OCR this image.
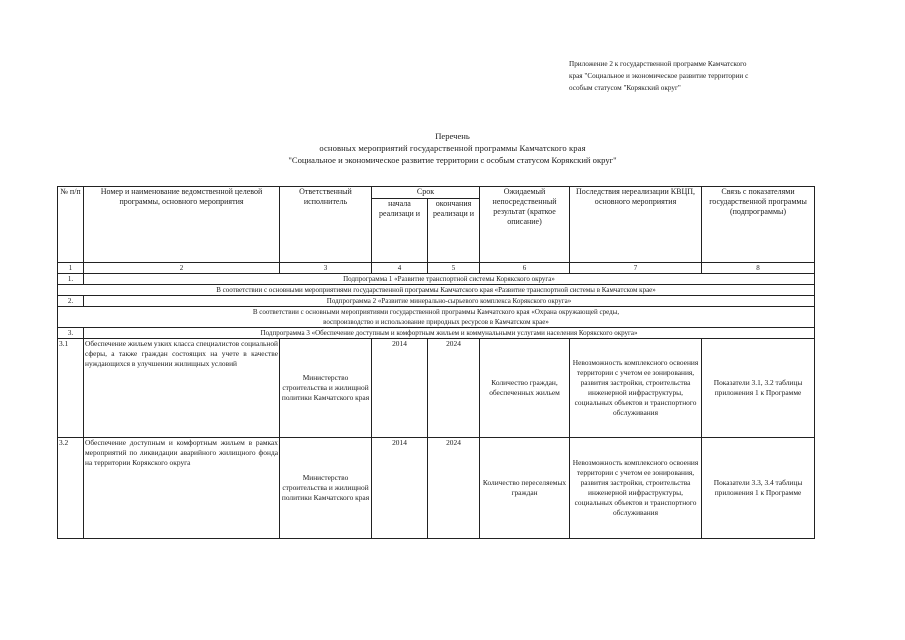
Приложение 2 к государственной программе Камчатского
края "Социальное и экономическое развитие территории с
особым статусом "Корякский округ"
Перечень
основных мероприятий государственной программы Камчатского края
"Социальное и экономическое развитие территории с особым статусом Корякский округ"
№ п/п	Номер и наименование ведомственной целевой программы, основного мероприятия	Ответственный исполнитель	Срок		Ожидаемый непосредственный результат (краткое описание)	Последствия нереализации КВЦП, основного мероприятия	Связь с показателями государственной программы (подпрограммы)
			начала реализаци и	окончания реализаци и			
1	2	3	4	5	6	7	8
1.	Подпрограмма 1 «Развитие транспортной системы Корякского округа»						
В соответствии с основными мероприятиями государственной программы Камчатского края «Развитие транспортной системы в Камчатском крае»							
2.	Подпрограмма 2 «Развитие минерально-сырьевого комплекса Корякского округа»						

В соответствии с основными мероприятиями государственной программы Камчатского края «Охрана окружающей среды,
воспроизводство и использование природных ресурсов в Камчатском крае»							

3.	Подпрограмма 3 «Обеспечение доступным и комфортным жильем и коммунальными услугами населения Корякского округа»						
3.1	Обеспечение жильем узких класса специалистов социальной сферы, а также граждан состоящих на учете в качестве нуждающихся в улучшении жилищных условий	Министерство строительства и жилищной политики Камчатского края	2014	2024	Количество граждан, обеспеченных жильем	Невозможность комплексного освоения территории с учетом ее зонирования, развития застройки, строительства инженерной инфраструктуры, социальных объектов и транспортного обслуживания	Показатели 3.1, 3.2 таблицы приложения 1 к Программе
3.2	Обеспечение доступным и комфортным жильем в рамках мероприятий по ликвидации аварийного жилищного фонда на территории Корякского округа	Министерство строительства и жилищной политики Камчатского края	2014	2024	Количество переселяемых граждан	Невозможность комплексного освоения территории с учетом ее зонирования, развития застройки, строительства инженерной инфраструктуры, социальных объектов и транспортного обслуживания	Показатели 3.3, 3.4 таблицы приложения 1 к Программе
